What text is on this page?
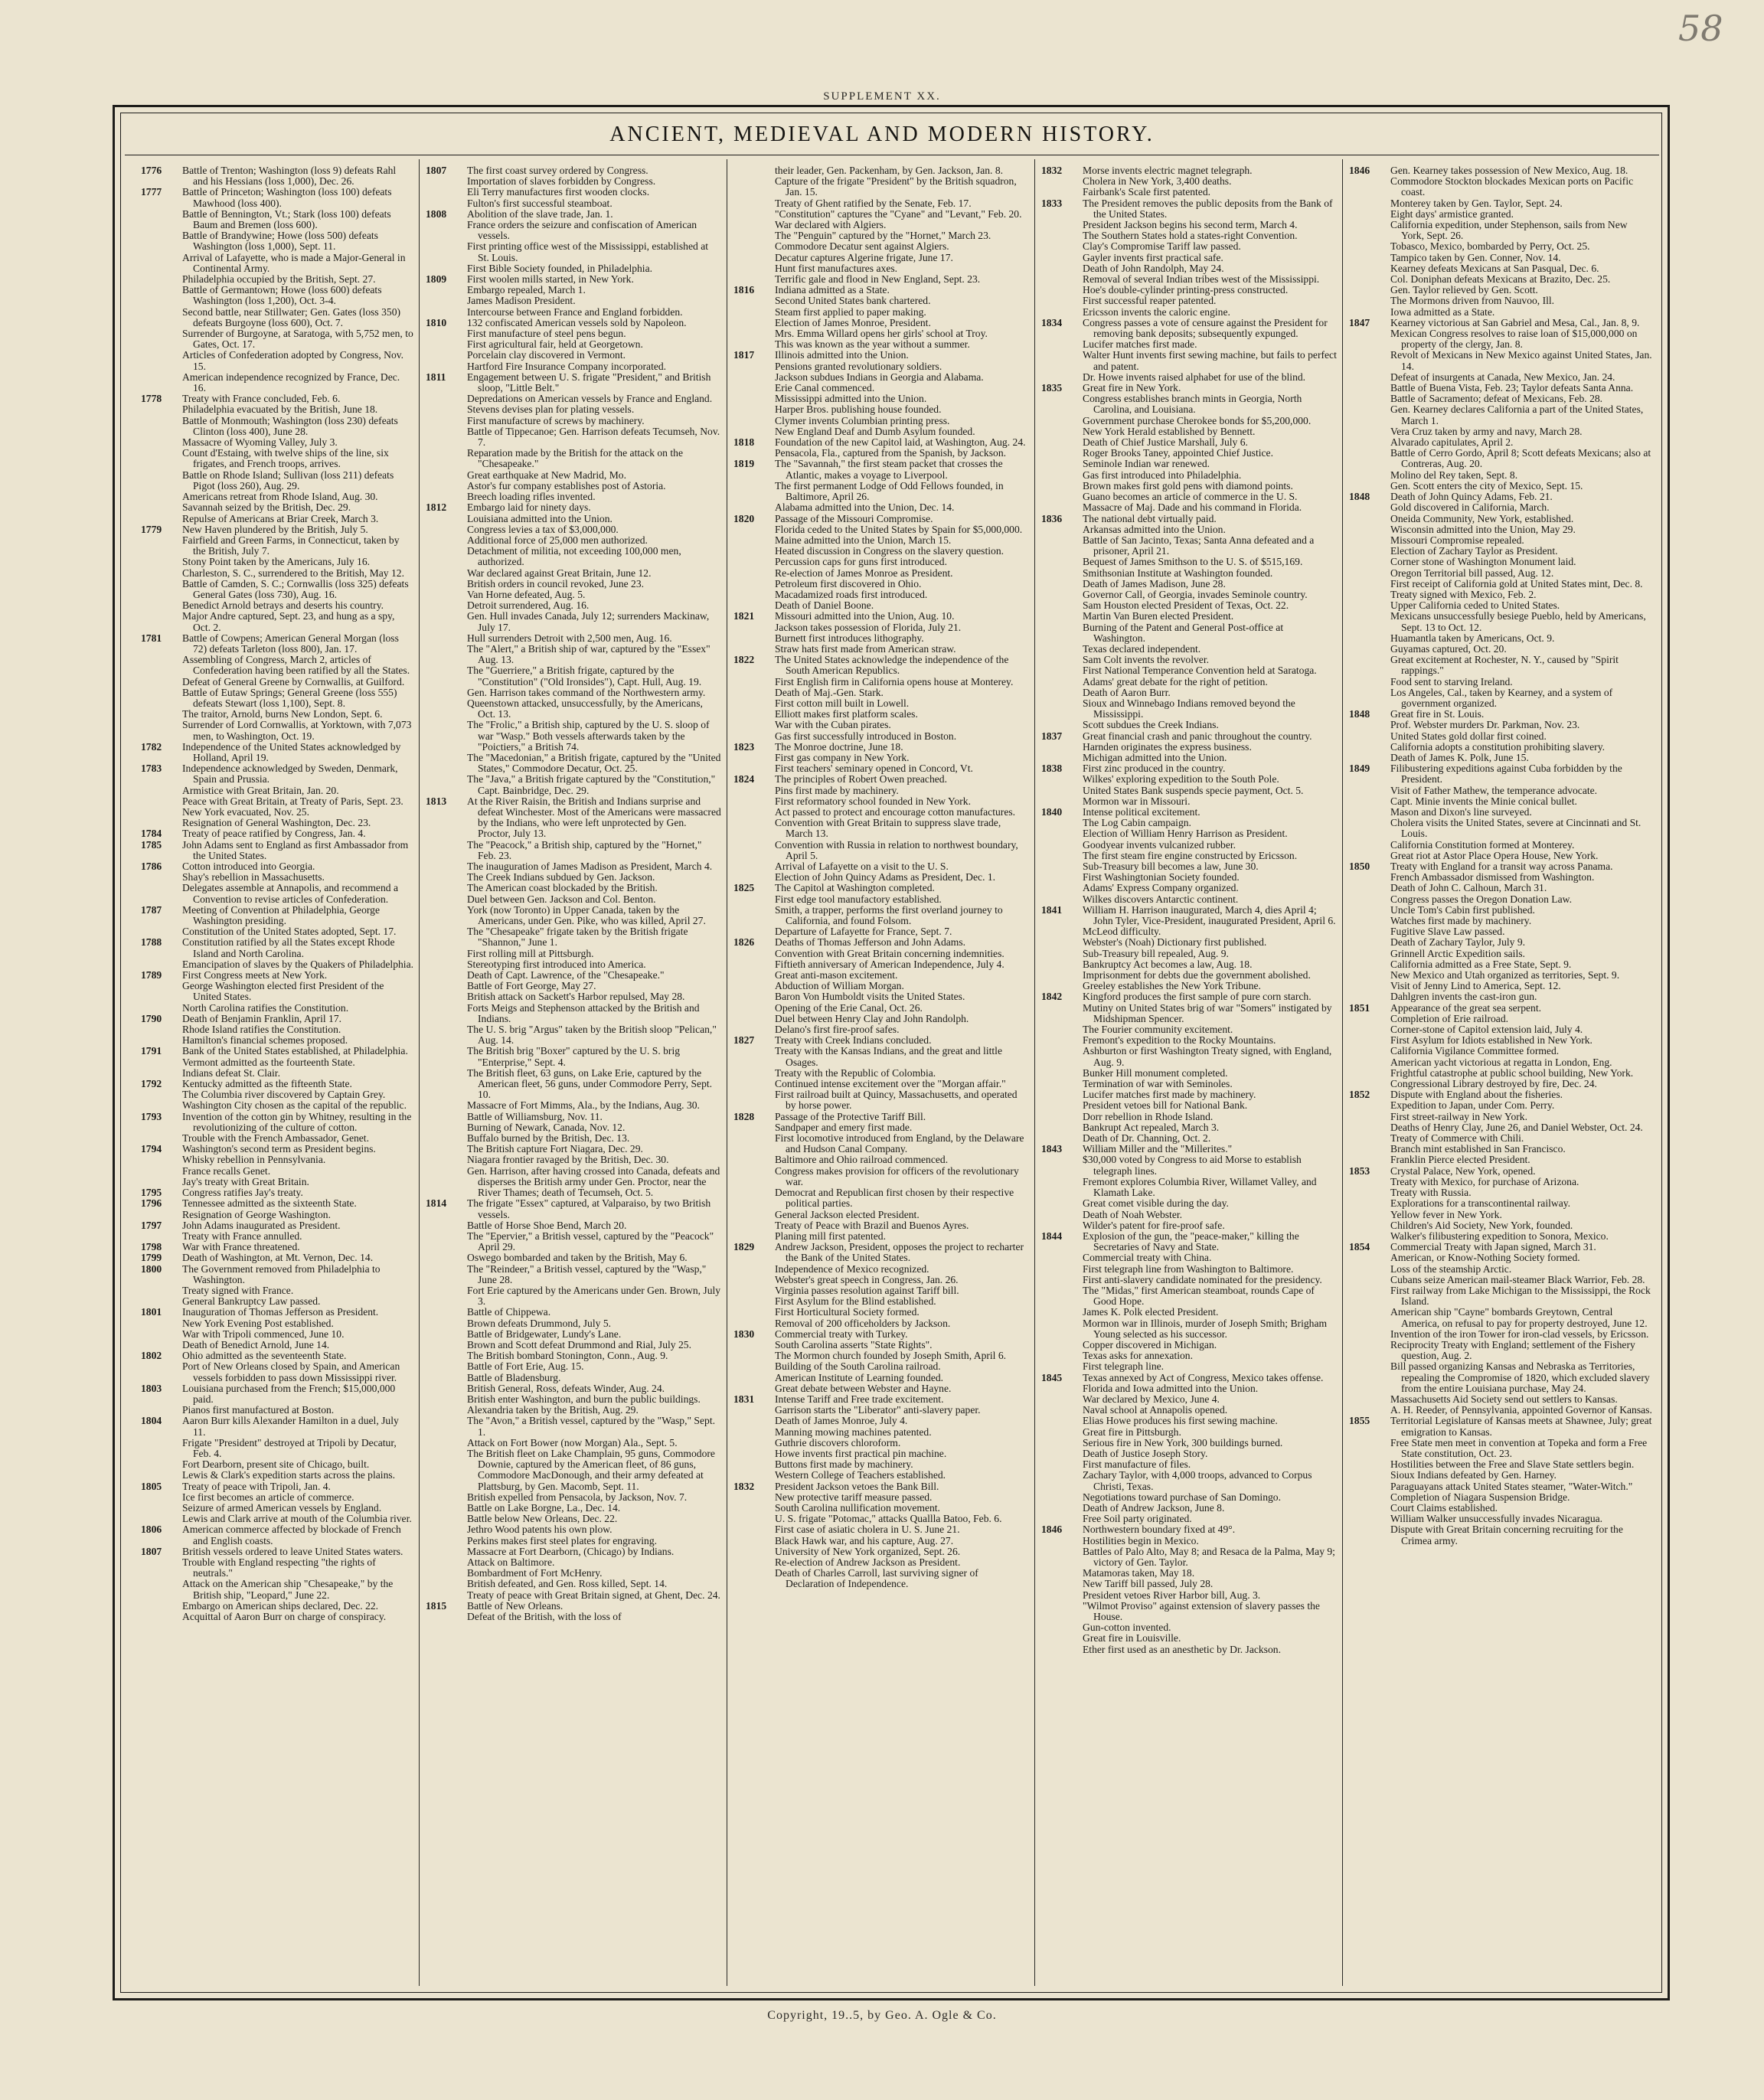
58
SUPPLEMENT XX.
ANCIENT, MEDIEVAL AND MODERN HISTORY.
1776	Battle of Trenton; Washington (loss 9) defeats Rahl and his Hessians (loss 1,000), Dec. 26.
1777	Battle of Princeton; Washington (loss 100) defeats Mawhood (loss 400).
Battle of Bennington, Vt.; Stark (loss 100) defeats Baum and Bremen (loss 600).
Battle of Brandywine; Howe (loss 500) defeats Washington (loss 1,000), Sept. 11.
Arrival of Lafayette, who is made a Major-General in Continental Army.
Philadelphia occupied by the British, Sept. 27.
Battle of Germantown; Howe (loss 600) defeats Washington (loss 1,200), Oct. 3-4.
Second battle, near Stillwater; Gen. Gates (loss 350) defeats Burgoyne (loss 600), Oct. 7.
Surrender of Burgoyne, at Saratoga, with 5,752 men, to Gates, Oct. 17.
Articles of Confederation adopted by Congress, Nov. 15.
American independence recognized by France, Dec. 16.
1778	Treaty with France concluded, Feb. 6.
Philadelphia evacuated by the British, June 18.
Battle of Monmouth; Washington (loss 230) defeats Clinton (loss 400), June 28.
Massacre of Wyoming Valley, July 3.
Count d'Estaing, with twelve ships of the line, six frigates, and French troops, arrives.
Battle on Rhode Island; Sullivan (loss 211) defeats Pigot (loss 260), Aug. 29.
Americans retreat from Rhode Island, Aug. 30.
Savannah seized by the British, Dec. 29.
Repulse of Americans at Briar Creek, March 3.
1779	New Haven plundered by the British, July 5.
Fairfield and Green Farms, in Connecticut, taken by the British, July 7.
Stony Point taken by the Americans, July 16.
Charleston, S. C., surrendered to the British, May 12.
Battle of Camden, S. C.; Cornwallis (loss 325) defeats General Gates (loss 730), Aug. 16.
Benedict Arnold betrays and deserts his country.
Major Andre captured, Sept. 23, and hung as a spy, Oct. 2.
1781	Battle of Cowpens; American General Morgan (loss 72) defeats Tarleton (loss 800), Jan. 17.
Assembling of Congress, March 2, articles of Confederation having been ratified by all the States.
Defeat of General Greene by Cornwallis, at Guilford.
Battle of Eutaw Springs; General Greene (loss 555) defeats Stewart (loss 1,100), Sept. 8.
The traitor, Arnold, burns New London, Sept. 6.
Surrender of Lord Cornwallis, at Yorktown, with 7,073 men, to Washington, Oct. 19.
1782	Independence of the United States acknowledged by Holland, April 19.
1783	Independence acknowledged by Sweden, Denmark, Spain and Prussia.
Armistice with Great Britain, Jan. 20.
Peace with Great Britain, at Treaty of Paris, Sept. 23.
New York evacuated, Nov. 25.
Resignation of General Washington, Dec. 23.
1784	Treaty of peace ratified by Congress, Jan. 4.
1785	John Adams sent to England as first Ambassador from the United States.
1786	Cotton introduced into Georgia.
Shay's rebellion in Massachusetts.
Delegates assemble at Annapolis, and recommend a Convention to revise articles of Confederation.
1787	Meeting of Convention at Philadelphia, George Washington presiding.
Constitution of the United States adopted, Sept. 17.
1788	Constitution ratified by all the States except Rhode Island and North Carolina.
Emancipation of slaves by the Quakers of Philadelphia.
1789	First Congress meets at New York.
George Washington elected first President of the United States.
North Carolina ratifies the Constitution.
1790	Death of Benjamin Franklin, April 17.
Rhode Island ratifies the Constitution.
Hamilton's financial schemes proposed.
1791	Bank of the United States established, at Philadelphia.
Vermont admitted as the fourteenth State.
Indians defeat St. Clair.
1792	Kentucky admitted as the fifteenth State.
The Columbia river discovered by Captain Grey.
Washington City chosen as the capital of the republic.
1793	Invention of the cotton gin by Whitney, resulting in the revolutionizing of the culture of cotton.
Trouble with the French Ambassador, Genet.
1794	Washington's second term as President begins.
Whisky rebellion in Pennsylvania.
France recalls Genet.
Jay's treaty with Great Britain.
1795	Congress ratifies Jay's treaty.
1796	Tennessee admitted as the sixteenth State.
Resignation of George Washington.
1797	John Adams inaugurated as President.
Treaty with France annulled.
1798	War with France threatened.
1799	Death of Washington, at Mt. Vernon, Dec. 14.
1800	The Government removed from Philadelphia to Washington.
Treaty signed with France.
General Bankruptcy Law passed.
1801	Inauguration of Thomas Jefferson as President.
New York Evening Post established.
War with Tripoli commenced, June 10.
Death of Benedict Arnold, June 14.
1802	Ohio admitted as the seventeenth State.
Port of New Orleans closed by Spain, and American vessels forbidden to pass down Mississippi river.
1803	Louisiana purchased from the French; $15,000,000 paid.
Pianos first manufactured at Boston.
1804	Aaron Burr kills Alexander Hamilton in a duel, July 11.
Frigate "President" destroyed at Tripoli by Decatur, Feb. 4.
Fort Dearborn, present site of Chicago, built.
Lewis & Clark's expedition starts across the plains.
1805	Treaty of peace with Tripoli, Jan. 4.
Ice first becomes an article of commerce.
Seizure of armed American vessels by England.
Lewis and Clark arrive at mouth of the Columbia river.
1806	American commerce affected by blockade of French and English coasts.
1807	British vessels ordered to leave United States waters.
Trouble with England respecting "the rights of neutrals."
Attack on the American ship "Chesapeake," by the British ship, "Leopard," June 22.
Embargo on American ships declared, Dec. 22.
Acquittal of Aaron Burr on charge of conspiracy.
1807	The first coast survey ordered by Congress.
Importation of slaves forbidden by Congress.
Eli Terry manufactures first wooden clocks.
Fulton's first successful steamboat.
1808	Abolition of the slave trade, Jan. 1.
France orders the seizure and confiscation of American vessels.
First printing office west of the Mississippi, established at St. Louis.
First Bible Society founded, in Philadelphia.
1809	First woolen mills started, in New York.
Embargo repealed, March 1.
James Madison President.
Intercourse between France and England forbidden.
1810	132 confiscated American vessels sold by Napoleon.
First manufacture of steel pens begun.
First agricultural fair, held at Georgetown.
Porcelain clay discovered in Vermont.
Hartford Fire Insurance Company incorporated.
1811	Engagement between U. S. frigate "President," and British sloop, "Little Belt."
Depredations on American vessels by France and England.
Stevens devises plan for plating vessels.
First manufacture of screws by machinery.
Battle of Tippecanoe; Gen. Harrison defeats Tecumseh, Nov. 7.
Reparation made by the British for the attack on the "Chesapeake."
Great earthquake at New Madrid, Mo.
Astor's fur company establishes post of Astoria.
Breech loading rifles invented.
1812	Embargo laid for ninety days.
Louisiana admitted into the Union.
Congress levies a tax of $3,000,000.
Additional force of 25,000 men authorized.
Detachment of militia, not exceeding 100,000 men, authorized.
War declared against Great Britain, June 12.
British orders in council revoked, June 23.
Van Horne defeated, Aug. 5.
Detroit surrendered, Aug. 16.
Gen. Hull invades Canada, July 12; surrenders Mackinaw, July 17.
Hull surrenders Detroit with 2,500 men, Aug. 16.
The "Alert," a British ship of war, captured by the "Essex" Aug. 13.
The "Guerriere," a British frigate, captured by the "Constitution" ("Old Ironsides"), Capt. Hull, Aug. 19.
Gen. Harrison takes command of the Northwestern army.
Queenstown attacked, unsuccessfully, by the Americans, Oct. 13.
The "Frolic," a British ship, captured by the U. S. sloop of war "Wasp." Both vessels afterwards taken by the "Poictiers," a British 74.
The "Macedonian," a British frigate, captured by the "United States," Commodore Decatur, Oct. 25.
The "Java," a British frigate captured by the "Constitution," Capt. Bainbridge, Dec. 29.
1813	At the River Raisin, the British and Indians surprise and defeat Winchester. Most of the Americans were massacred by the Indians, who were left unprotected by Gen. Proctor, July 13.
The "Peacock," a British ship, captured by the "Hornet," Feb. 23.
The inauguration of James Madison as President, March 4.
The Creek Indians subdued by Gen. Jackson.
The American coast blockaded by the British.
Duel between Gen. Jackson and Col. Benton.
York (now Toronto) in Upper Canada, taken by the Americans, under Gen. Pike, who was killed, April 27.
The "Chesapeake" frigate taken by the British frigate "Shannon," June 1.
First rolling mill at Pittsburgh.
Stereotyping first introduced into America.
Death of Capt. Lawrence, of the "Chesapeake."
Battle of Fort George, May 27.
British attack on Sackett's Harbor repulsed, May 28.
Forts Meigs and Stephenson attacked by the British and Indians.
The U. S. brig "Argus" taken by the British sloop "Pelican," Aug. 14.
The British brig "Boxer" captured by the U. S. brig "Enterprise," Sept. 4.
The British fleet, 63 guns, on Lake Erie, captured by the American fleet, 56 guns, under Commodore Perry, Sept. 10.
Massacre of Fort Mimms, Ala., by the Indians, Aug. 30.
Battle of Williamsburg, Nov. 11.
Burning of Newark, Canada, Nov. 12.
Buffalo burned by the British, Dec. 13.
The British capture Fort Niagara, Dec. 29.
Niagara frontier ravaged by the British, Dec. 30.
Gen. Harrison, after having crossed into Canada, defeats and disperses the British army under Gen. Proctor, near the River Thames; death of Tecumseh, Oct. 5.
1814	The frigate "Essex" captured, at Valparaiso, by two British vessels.
Battle of Horse Shoe Bend, March 20.
The "Epervier," a British vessel, captured by the "Peacock" April 29.
Oswego bombarded and taken by the British, May 6.
The "Reindeer," a British vessel, captured by the "Wasp," June 28.
Fort Erie captured by the Americans under Gen. Brown, July 3.
Battle of Chippewa.
Brown defeats Drummond, July 5.
Battle of Bridgewater, Lundy's Lane.
Brown and Scott defeat Drummond and Rial, July 25.
The British bombard Stonington, Conn., Aug. 9.
Battle of Fort Erie, Aug. 15.
Battle of Bladensburg.
British General, Ross, defeats Winder, Aug. 24.
British enter Washington, and burn the public buildings.
Alexandria taken by the British, Aug. 29.
The "Avon," a British vessel, captured by the "Wasp," Sept. 1.
Attack on Fort Bower (now Morgan) Ala., Sept. 5.
The British fleet on Lake Champlain, 95 guns, Commodore Downie, captured by the American fleet, of 86 guns, Commodore MacDonough, and their army defeated at Plattsburg, by Gen. Macomb, Sept. 11.
British expelled from Pensacola, by Jackson, Nov. 7.
Battle on Lake Borgne, La., Dec. 14.
Battle below New Orleans, Dec. 22.
Jethro Wood patents his own plow.
Perkins makes first steel plates for engraving.
Massacre at Fort Dearborn, (Chicago) by Indians.
Attack on Baltimore.
Bombardment of Fort McHenry.
British defeated, and Gen. Ross killed, Sept. 14.
Treaty of peace with Great Britain signed, at Ghent, Dec. 24.
1815	Battle of New Orleans.
Defeat of the British, with the loss of
their leader, Gen. Packenham, by Gen. Jackson, Jan. 8.
Capture of the frigate "President" by the British squadron, Jan. 15.
Treaty of Ghent ratified by the Senate, Feb. 17.
"Constitution" captures the "Cyane" and "Levant," Feb. 20.
War declared with Algiers.
The "Penguin" captured by the "Hornet," March 23.
Commodore Decatur sent against Algiers.
Decatur captures Algerine frigate, June 17.
Hunt first manufactures axes.
Terrific gale and flood in New England, Sept. 23.
1816	Indiana admitted as a State.
Second United States bank chartered.
Steam first applied to paper making.
Election of James Monroe, President.
Mrs. Emma Willard opens her girls' school at Troy.
This was known as the year without a summer.
1817	Illinois admitted into the Union.
Pensions granted revolutionary soldiers.
Jackson subdues Indians in Georgia and Alabama.
Erie Canal commenced.
Mississippi admitted into the Union.
Harper Bros. publishing house founded.
Clymer invents Columbian printing press.
New England Deaf and Dumb Asylum founded.
1818	Foundation of the new Capitol laid, at Washington, Aug. 24.
Pensacola, Fla., captured from the Spanish, by Jackson.
1819	The "Savannah," the first steam packet that crosses the Atlantic, makes a voyage to Liverpool.
The first permanent Lodge of Odd Fellows founded, in Baltimore, April 26.
Alabama admitted into the Union, Dec. 14.
1820	Passage of the Missouri Compromise.
Florida ceded to the United States by Spain for $5,000,000.
Maine admitted into the Union, March 15.
Heated discussion in Congress on the slavery question.
Percussion caps for guns first introduced.
Re-election of James Monroe as President.
Petroleum first discovered in Ohio.
Macadamized roads first introduced.
Death of Daniel Boone.
1821	Missouri admitted into the Union, Aug. 10.
Jackson takes possession of Florida, July 21.
Burnett first introduces lithography.
Straw hats first made from American straw.
1822	The United States acknowledge the independence of the South American Republics.
First English firm in California opens house at Monterey.
Death of Maj.-Gen. Stark.
First cotton mill built in Lowell.
Elliott makes first platform scales.
War with the Cuban pirates.
Gas first successfully introduced in Boston.
1823	The Monroe doctrine, June 18.
First gas company in New York.
First teachers' seminary opened in Concord, Vt.
1824	The principles of Robert Owen preached.
Pins first made by machinery.
First reformatory school founded in New York.
Act passed to protect and encourage cotton manufactures.
Convention with Great Britain to suppress slave trade, March 13.
Convention with Russia in relation to northwest boundary, April 5.
Arrival of Lafayette on a visit to the U. S.
Election of John Quincy Adams as President, Dec. 1.
1825	The Capitol at Washington completed.
First edge tool manufactory established.
Smith, a trapper, performs the first overland journey to California, and found Folsom.
Departure of Lafayette for France, Sept. 7.
1826	Deaths of Thomas Jefferson and John Adams.
Convention with Great Britain concerning indemnities.
Fiftieth anniversary of American Independence, July 4.
Great anti-mason excitement.
Abduction of William Morgan.
Baron Von Humboldt visits the United States.
Opening of the Erie Canal, Oct. 26.
Duel between Henry Clay and John Randolph.
Delano's first fire-proof safes.
1827	Treaty with Creek Indians concluded.
Treaty with the Kansas Indians, and the great and little Osages.
Treaty with the Republic of Colombia.
Continued intense excitement over the "Morgan affair."
First railroad built at Quincy, Massachusetts, and operated by horse power.
1828	Passage of the Protective Tariff Bill.
Sandpaper and emery first made.
First locomotive introduced from England, by the Delaware and Hudson Canal Company.
Baltimore and Ohio railroad commenced.
Congress makes provision for officers of the revolutionary war.
Democrat and Republican first chosen by their respective political parties.
General Jackson elected President.
Treaty of Peace with Brazil and Buenos Ayres.
Planing mill first patented.
1829	Andrew Jackson, President, opposes the project to recharter the Bank of the United States.
Independence of Mexico recognized.
Webster's great speech in Congress, Jan. 26.
Virginia passes resolution against Tariff bill.
First Asylum for the Blind established.
First Horticultural Society formed.
Removal of 200 officeholders by Jackson.
1830	Commercial treaty with Turkey.
South Carolina asserts "State Rights".
The Mormon church founded by Joseph Smith, April 6.
Building of the South Carolina railroad.
American Institute of Learning founded.
Great debate between Webster and Hayne.
1831	Intense Tariff and Free trade excitement.
Garrison starts the "Liberator" anti-slavery paper.
Death of James Monroe, July 4.
Manning mowing machines patented.
Guthrie discovers chloroform.
Howe invents first practical pin machine.
Buttons first made by machinery.
Western College of Teachers established.
1832	President Jackson vetoes the Bank Bill.
New protective tariff measure passed.
South Carolina nullification movement.
U. S. frigate "Potomac," attacks Quallla Batoo, Feb. 6.
First case of asiatic cholera in U. S. June 21.
Black Hawk war, and his capture, Aug. 27.
University of New York organized, Sept. 26.
Re-election of Andrew Jackson as President.
Death of Charles Carroll, last surviving signer of Declaration of Independence.
1832	Morse invents electric magnet telegraph.
Cholera in New York, 3,400 deaths.
Fairbank's Scale first patented.
1833	The President removes the public deposits from the Bank of the United States.
President Jackson begins his second term, March 4.
The Southern States hold a states-right Convention.
Clay's Compromise Tariff law passed.
Gayler invents first practical safe.
Death of John Randolph, May 24.
Removal of several Indian tribes west of the Mississippi.
Hoe's double-cylinder printing-press constructed.
First successful reaper patented.
Ericsson invents the caloric engine.
1834	Congress passes a vote of censure against the President for removing bank deposits; subsequently expunged.
Lucifer matches first made.
Walter Hunt invents first sewing machine, but fails to perfect and patent.
Dr. Howe invents raised alphabet for use of the blind.
1835	Great fire in New York.
Congress establishes branch mints in Georgia, North Carolina, and Louisiana.
Government purchase Cherokee bonds for $5,200,000.
New York Herald established by Bennett.
Death of Chief Justice Marshall, July 6.
Roger Brooks Taney, appointed Chief Justice.
Seminole Indian war renewed.
Gas first introduced into Philadelphia.
Brown makes first gold pens with diamond points.
Guano becomes an article of commerce in the U. S.
Massacre of Maj. Dade and his command in Florida.
1836	The national debt virtually paid.
Arkansas admitted into the Union.
Battle of San Jacinto, Texas; Santa Anna defeated and a prisoner, April 21.
Bequest of James Smithson to the U. S. of $515,169.
Smithsonian Institute at Washington founded.
Death of James Madison, June 28.
Governor Call, of Georgia, invades Seminole country.
Sam Houston elected President of Texas, Oct. 22.
Martin Van Buren elected President.
Burning of the Patent and General Post-office at Washington.
Texas declared independent.
Sam Colt invents the revolver.
First National Temperance Convention held at Saratoga.
Adams' great debate for the right of petition.
Death of Aaron Burr.
Sioux and Winnebago Indians removed beyond the Mississippi.
Scott subdues the Creek Indians.
1837	Great financial crash and panic throughout the country.
Harnden originates the express business.
Michigan admitted into the Union.
1838	First zinc produced in the country.
Wilkes' exploring expedition to the South Pole.
United States Bank suspends specie payment, Oct. 5.
Mormon war in Missouri.
1840	Intense political excitement.
The Log Cabin campaign.
Election of William Henry Harrison as President.
Goodyear invents vulcanized rubber.
The first steam fire engine constructed by Ericsson.
Sub-Treasury bill becomes a law, June 30.
First Washingtonian Society founded.
Adams' Express Company organized.
Wilkes discovers Antarctic continent.
1841	William H. Harrison inaugurated, March 4, dies April 4; John Tyler, Vice-President, inaugurated President, April 6.
McLeod difficulty.
Webster's (Noah) Dictionary first published.
Sub-Treasury bill repealed, Aug. 9.
Bankruptcy Act becomes a law, Aug. 18.
Imprisonment for debts due the government abolished.
Greeley establishes the New York Tribune.
1842	Kingford produces the first sample of pure corn starch.
Mutiny on United States brig of war "Somers" instigated by Midshipman Spencer.
The Fourier community excitement.
Fremont's expedition to the Rocky Mountains.
Ashburton or first Washington Treaty signed, with England, Aug. 9.
Bunker Hill monument completed.
Termination of war with Seminoles.
Lucifer matches first made by machinery.
President vetoes bill for National Bank.
Dorr rebellion in Rhode Island.
Bankrupt Act repealed, March 3.
Death of Dr. Channing, Oct. 2.
1843	William Miller and the "Millerites."
$30,000 voted by Congress to aid Morse to establish telegraph lines.
Fremont explores Columbia River, Willamet Valley, and Klamath Lake.
Great comet visible during the day.
Death of Noah Webster.
Wilder's patent for fire-proof safe.
1844	Explosion of the gun, the "peace-maker," killing the Secretaries of Navy and State.
Commercial treaty with China.
First telegraph line from Washington to Baltimore.
First anti-slavery candidate nominated for the presidency.
The "Midas," first American steamboat, rounds Cape of Good Hope.
James K. Polk elected President.
Mormon war in Illinois, murder of Joseph Smith; Brigham Young selected as his successor.
Copper discovered in Michigan.
Texas asks for annexation.
First telegraph line.
1845	Texas annexed by Act of Congress, Mexico takes offense.
Florida and Iowa admitted into the Union.
War declared by Mexico, June 4.
Naval school at Annapolis opened.
Elias Howe produces his first sewing machine.
Great fire in Pittsburgh.
Serious fire in New York, 300 buildings burned.
Death of Justice Joseph Story.
First manufacture of files.
Zachary Taylor, with 4,000 troops, advanced to Corpus Christi, Texas.
Negotiations toward purchase of San Domingo.
Death of Andrew Jackson, June 8.
Free Soil party originated.
1846	Northwestern boundary fixed at 49°.
Hostilities begin in Mexico.
Battles of Palo Alto, May 8; and Resaca de la Palma, May 9; victory of Gen. Taylor.
Matamoras taken, May 18.
New Tariff bill passed, July 28.
President vetoes River Harbor bill, Aug. 3.
"Wilmot Proviso" against extension of slavery passes the House.
Gun-cotton invented.
Great fire in Louisville.
Ether first used as an anesthetic by Dr. Jackson.
1846	Gen. Kearney takes possession of New Mexico, Aug. 18.
Commodore Stockton blockades Mexican ports on Pacific coast.
Monterey taken by Gen. Taylor, Sept. 24.
Eight days' armistice granted.
California expedition, under Stephenson, sails from New York, Sept. 26.
Tobasco, Mexico, bombarded by Perry, Oct. 25.
Tampico taken by Gen. Conner, Nov. 14.
Kearney defeats Mexicans at San Pasqual, Dec. 6.
Col. Doniphan defeats Mexicans at Brazito, Dec. 25.
Gen. Taylor relieved by Gen. Scott.
The Mormons driven from Nauvoo, Ill.
Iowa admitted as a State.
1847	Kearney victorious at San Gabriel and Mesa, Cal., Jan. 8, 9.
Mexican Congress resolves to raise loan of $15,000,000 on property of the clergy, Jan. 8.
Revolt of Mexicans in New Mexico against United States, Jan. 14.
Defeat of insurgents at Canada, New Mexico, Jan. 24.
Battle of Buena Vista, Feb. 23; Taylor defeats Santa Anna.
Battle of Sacramento; defeat of Mexicans, Feb. 28.
Gen. Kearney declares California a part of the United States, March 1.
Vera Cruz taken by army and navy, March 28.
Alvarado capitulates, April 2.
Battle of Cerro Gordo, April 8; Scott defeats Mexicans; also at Contreras, Aug. 20.
Molino del Rey taken, Sept. 8.
Gen. Scott enters the city of Mexico, Sept. 15.
1848	Death of John Quincy Adams, Feb. 21.
Gold discovered in California, March.
Oneida Community, New York, established.
Wisconsin admitted into the Union, May 29.
Missouri Compromise repealed.
Election of Zachary Taylor as President.
Corner stone of Washington Monument laid.
Oregon Territorial bill passed, Aug. 12.
First receipt of California gold at United States mint, Dec. 8.
Treaty signed with Mexico, Feb. 2.
Upper California ceded to United States.
Mexicans unsuccessfully besiege Pueblo, held by Americans, Sept. 13 to Oct. 12.
Huamantla taken by Americans, Oct. 9.
Guyamas captured, Oct. 20.
Great excitement at Rochester, N. Y., caused by "Spirit rappings."
Food sent to starving Ireland.
Los Angeles, Cal., taken by Kearney, and a system of government organized.
1848	Great fire in St. Louis.
Prof. Webster murders Dr. Parkman, Nov. 23.
United States gold dollar first coined.
California adopts a constitution prohibiting slavery.
Death of James K. Polk, June 15.
1849	Filibustering expeditions against Cuba forbidden by the President.
Visit of Father Mathew, the temperance advocate.
Capt. Minie invents the Minie conical bullet.
Mason and Dixon's line surveyed.
Cholera visits the United States, severe at Cincinnati and St. Louis.
California Constitution formed at Monterey.
Great riot at Astor Place Opera House, New York.
1850	Treaty with England for a transit way across Panama.
French Ambassador dismissed from Washington.
Death of John C. Calhoun, March 31.
Congress passes the Oregon Donation Law.
Uncle Tom's Cabin first published.
Watches first made by machinery.
Fugitive Slave Law passed.
Death of Zachary Taylor, July 9.
Grinnell Arctic Expedition sails.
California admitted as a Free State, Sept. 9.
New Mexico and Utah organized as territories, Sept. 9.
Visit of Jenny Lind to America, Sept. 12.
Dahlgren invents the cast-iron gun.
1851	Appearance of the great sea serpent.
Completion of Erie railroad.
Corner-stone of Capitol extension laid, July 4.
First Asylum for Idiots established in New York.
California Vigilance Committee formed.
American yacht victorious at regatta in London, Eng.
Frightful catastrophe at public school building, New York.
Congressional Library destroyed by fire, Dec. 24.
1852	Dispute with England about the fisheries.
Expedition to Japan, under Com. Perry.
First street-railway in New York.
Deaths of Henry Clay, June 26, and Daniel Webster, Oct. 24.
Treaty of Commerce with Chili.
Branch mint established in San Francisco.
Franklin Pierce elected President.
1853	Crystal Palace, New York, opened.
Treaty with Mexico, for purchase of Arizona.
Treaty with Russia.
Explorations for a transcontinental railway.
Yellow fever in New York.
Children's Aid Society, New York, founded.
Walker's filibustering expedition to Sonora, Mexico.
1854	Commercial Treaty with Japan signed, March 31.
American, or Know-Nothing Society formed.
Loss of the steamship Arctic.
Cubans seize American mail-steamer Black Warrior, Feb. 28.
First railway from Lake Michigan to the Mississippi, the Rock Island.
American ship "Cayne" bombards Greytown, Central America, on refusal to pay for property destroyed, June 12.
Invention of the iron Tower for iron-clad vessels, by Ericsson.
Reciprocity Treaty with England; settlement of the Fishery question, Aug. 2.
Bill passed organizing Kansas and Nebraska as Territories, repealing the Compromise of 1820, which excluded slavery from the entire Louisiana purchase, May 24.
Massachusetts Aid Society send out settlers to Kansas.
A. H. Reeder, of Pennsylvania, appointed Governor of Kansas.
1855	Territorial Legislature of Kansas meets at Shawnee, July; great emigration to Kansas.
Free State men meet in convention at Topeka and form a Free State constitution, Oct. 23.
Hostilities between the Free and Slave State settlers begin.
Sioux Indians defeated by Gen. Harney.
Paraguayans attack United States steamer, "Water-Witch."
Completion of Niagara Suspension Bridge.
Court Claims established.
William Walker unsuccessfully invades Nicaragua.
Dispute with Great Britain concerning recruiting for the Crimea army.
Copyright, 19..5, by Geo. A. Ogle & Co.
